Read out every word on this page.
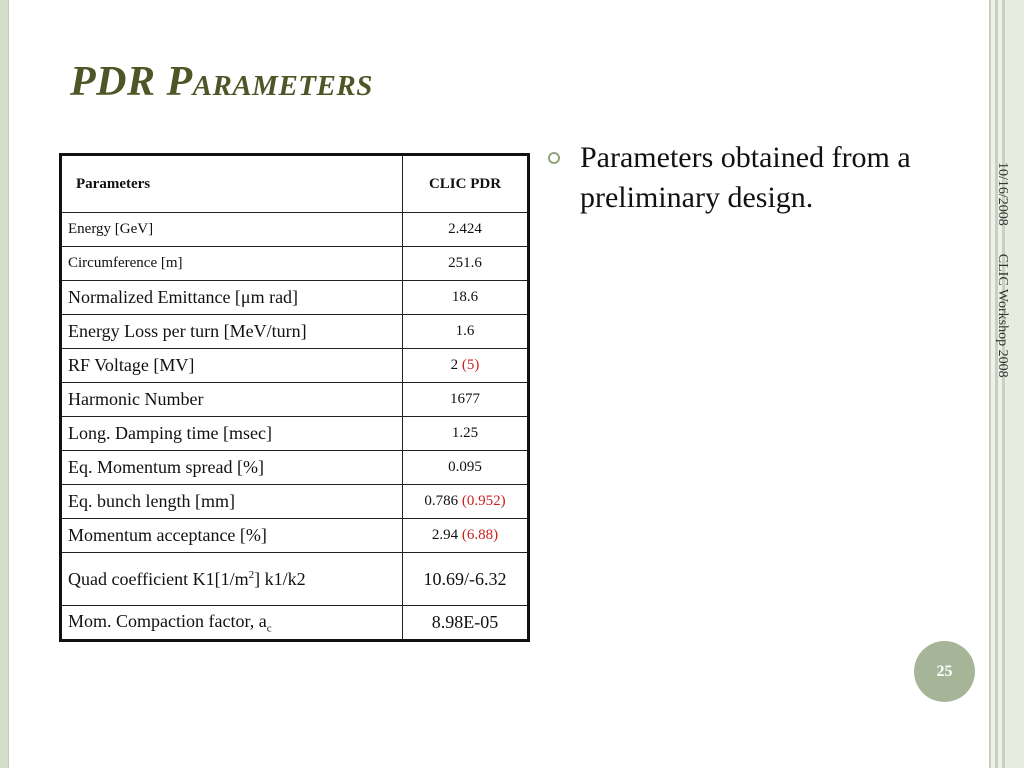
PDR Parameters
Parameters	CLIC PDR
Energy [GeV]	2.424
Circumference [m]	251.6
Normalized Emittance [μm rad]	18.6
Energy Loss per turn [MeV/turn]	1.6
RF Voltage [MV]	2 (5)
Harmonic Number	1677
Long. Damping time [msec]	1.25
Eq. Momentum spread [%]	0.095
Eq. bunch length [mm]	0.786 (0.952)
Momentum acceptance [%]	2.94 (6.88)
Quad coefficient $K1[1/m^2]$ k1/k2	10.69/-6.32
Mom. Compaction factor, $a_c$	8.98E-05
Parameters obtained from a preliminary design.	10/16/2008CLIC Workshop 2008
25
